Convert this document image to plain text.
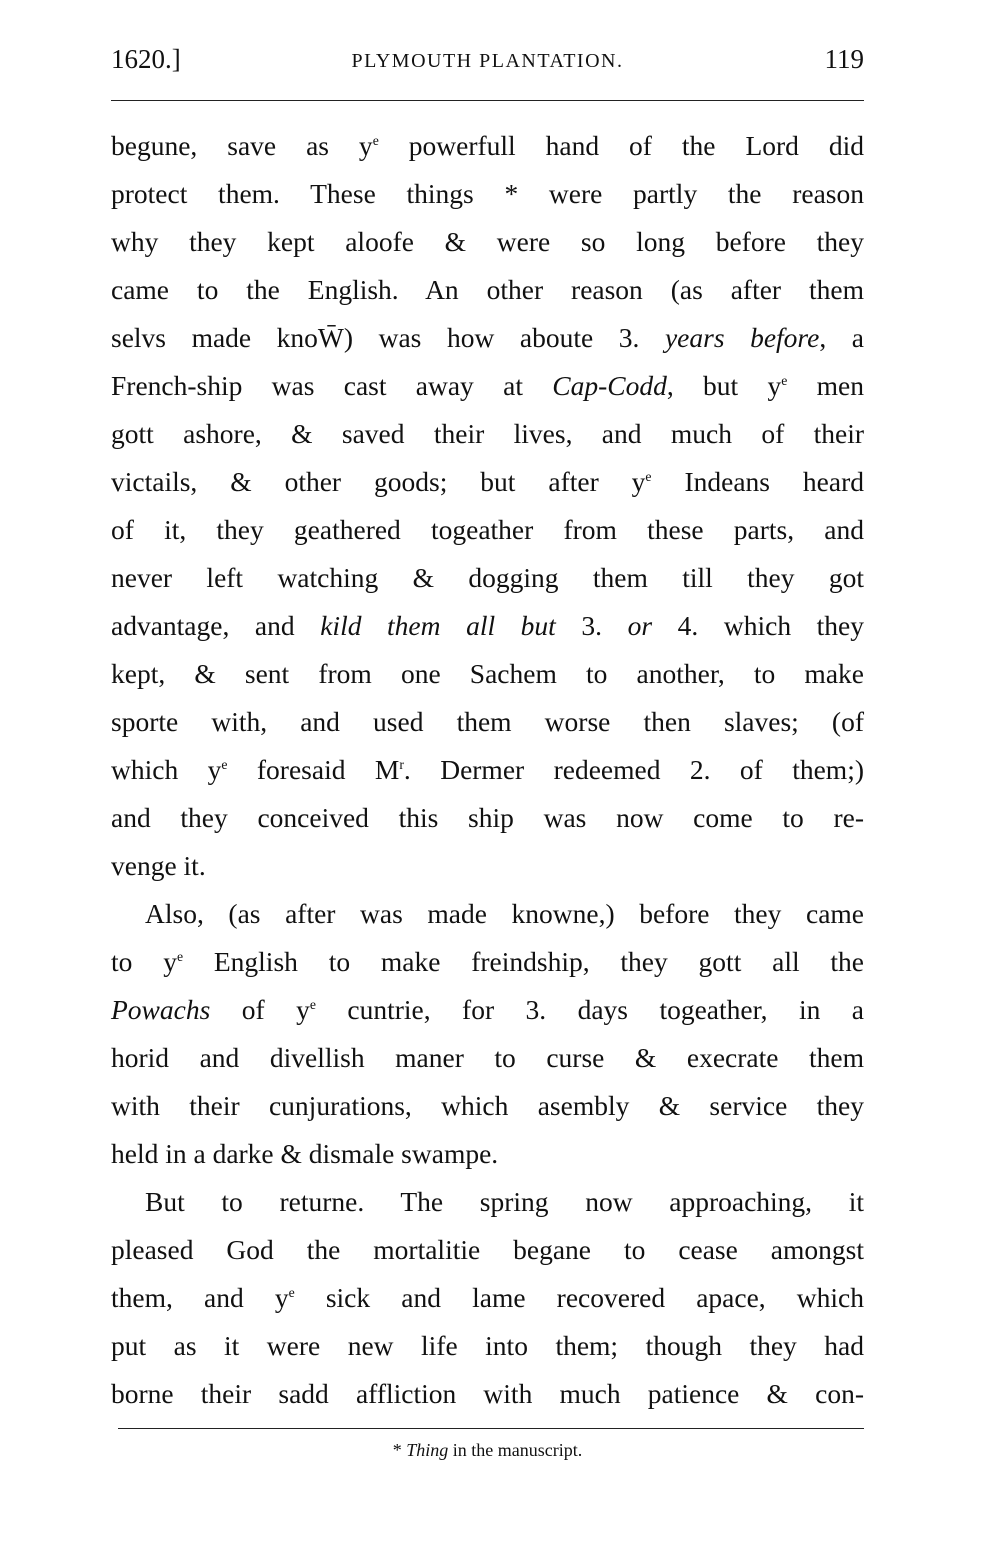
1620.]	PLYMOUTH PLANTATION.	119
begune, save as $y^e$ powerfull hand of the Lord did
protect them. These things * were partly the reason
why they kept aloofe & were so long before they
came to the English. An other reason (as after them
selvs made knoW̄) was how aboute 3. years before, a
French-ship was cast away at Cap-Codd, but $y^e$ men
gott ashore, & saved their lives, and much of their
victails, & other goods; but after $y^e$ Indeans heard
of it, they geathered togeather from these parts, and
never left watching & dogging them till they got
advantage, and kild them all but 3. or 4. which they
kept, & sent from one Sachem to another, to make
sporte with, and used them worse then slaves; (of
which $y^e$ foresaid $M^r$. Dermer redeemed 2. of them;)
and they conceived this ship was now come to re-
venge it.
Also, (as after was made knowne,) before they came
to $y^e$ English to make freindship, they gott all the
Powachs of $y^e$ cuntrie, for 3. days togeather, in a
horid and divellish maner to curse & execrate them
with their cunjurations, which asembly & service they
held in a darke & dismale swampe.
But to returne. The spring now approaching, it
pleased God the mortalitie begane to cease amongst
them, and $y^e$ sick and lame recovered apace, which
put as it were new life into them; though they had
borne their sadd affliction with much patience & con-
* Thing in the manuscript.
